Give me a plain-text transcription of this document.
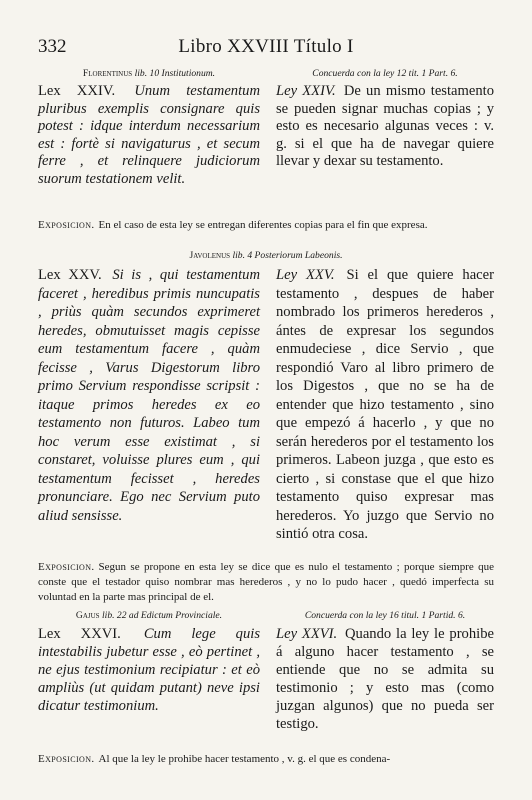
332	Libro XXVIII Título I
Florentinus lib. 10 Institutionum.

Lex XXIV. Unum testamentum pluribus exemplis consignare quis potest : idque interdum necessarium est : fortè si navigaturus , et secum ferre , et relinquere judiciorum suorum testationem velit.

Concuerda con la ley 12 tit. 1 Part. 6.

Ley XXIV. De un mismo testamento se pueden signar muchas copias ; y esto es necesario algunas veces : v. g. si el que ha de navegar quiere llevar y dexar su testamento.

Exposicion. En el caso de esta ley se entregan diferentes copias para el fin que expresa.
Javolenus lib. 4 Posteriorum Labeonis.

Lex XXV. Si is , qui testamentum faceret , heredibus primis nuncupatis , priùs quàm secundos exprimeret heredes, obmutuisset magis cepisse eum testamentum facere , quàm fecisse , Varus Digestorum libro primo Servium respondisse scripsit : itaque primos heredes ex eo testamento non futuros. Labeo tum hoc verum esse existimat , si constaret, voluisse plures eum , qui testamentum fecisset , heredes pronunciare. Ego nec Servium puto aliud sensisse.

Ley XXV. Si el que quiere hacer testamento , despues de haber nombrado los primeros herederos , ántes de expresar los segundos enmudeciese , dice Servio , que respondió Varo al libro primero de los Digestos , que no se ha de entender que hizo testamento , sino que empezó á hacerlo , y que no serán herederos por el testamento los primeros. Labeon juzga , que esto es cierto , si constase que el que hizo testamento quiso expresar mas herederos. Yo juzgo que Servio no sintió otra cosa.

Exposicion. Segun se propone en esta ley se dice que es nulo el testamento ; porque siempre que conste que el testador quiso nombrar mas herederos , y no lo pudo hacer , quedó imperfecta su voluntad en la parte mas principal de el.
Gajus lib. 22 ad Edictum Provinciale.

Lex XXVI. Cum lege quis intestabilis jubetur esse , eò pertinet , ne ejus testimonium recipiatur : et eò ampliùs (ut quidam putant) neve ipsi dicatur testimonium.

Concuerda con la ley 16 titul. 1 Partid. 6.

Ley XXVI. Quando la ley le prohibe á alguno hacer testamento , se entiende que no se admita su testimonio ; y esto mas (como juzgan algunos) que no pueda ser testigo.

Exposicion. Al que la ley le prohibe hacer testamento , v. g. el que es condena-
